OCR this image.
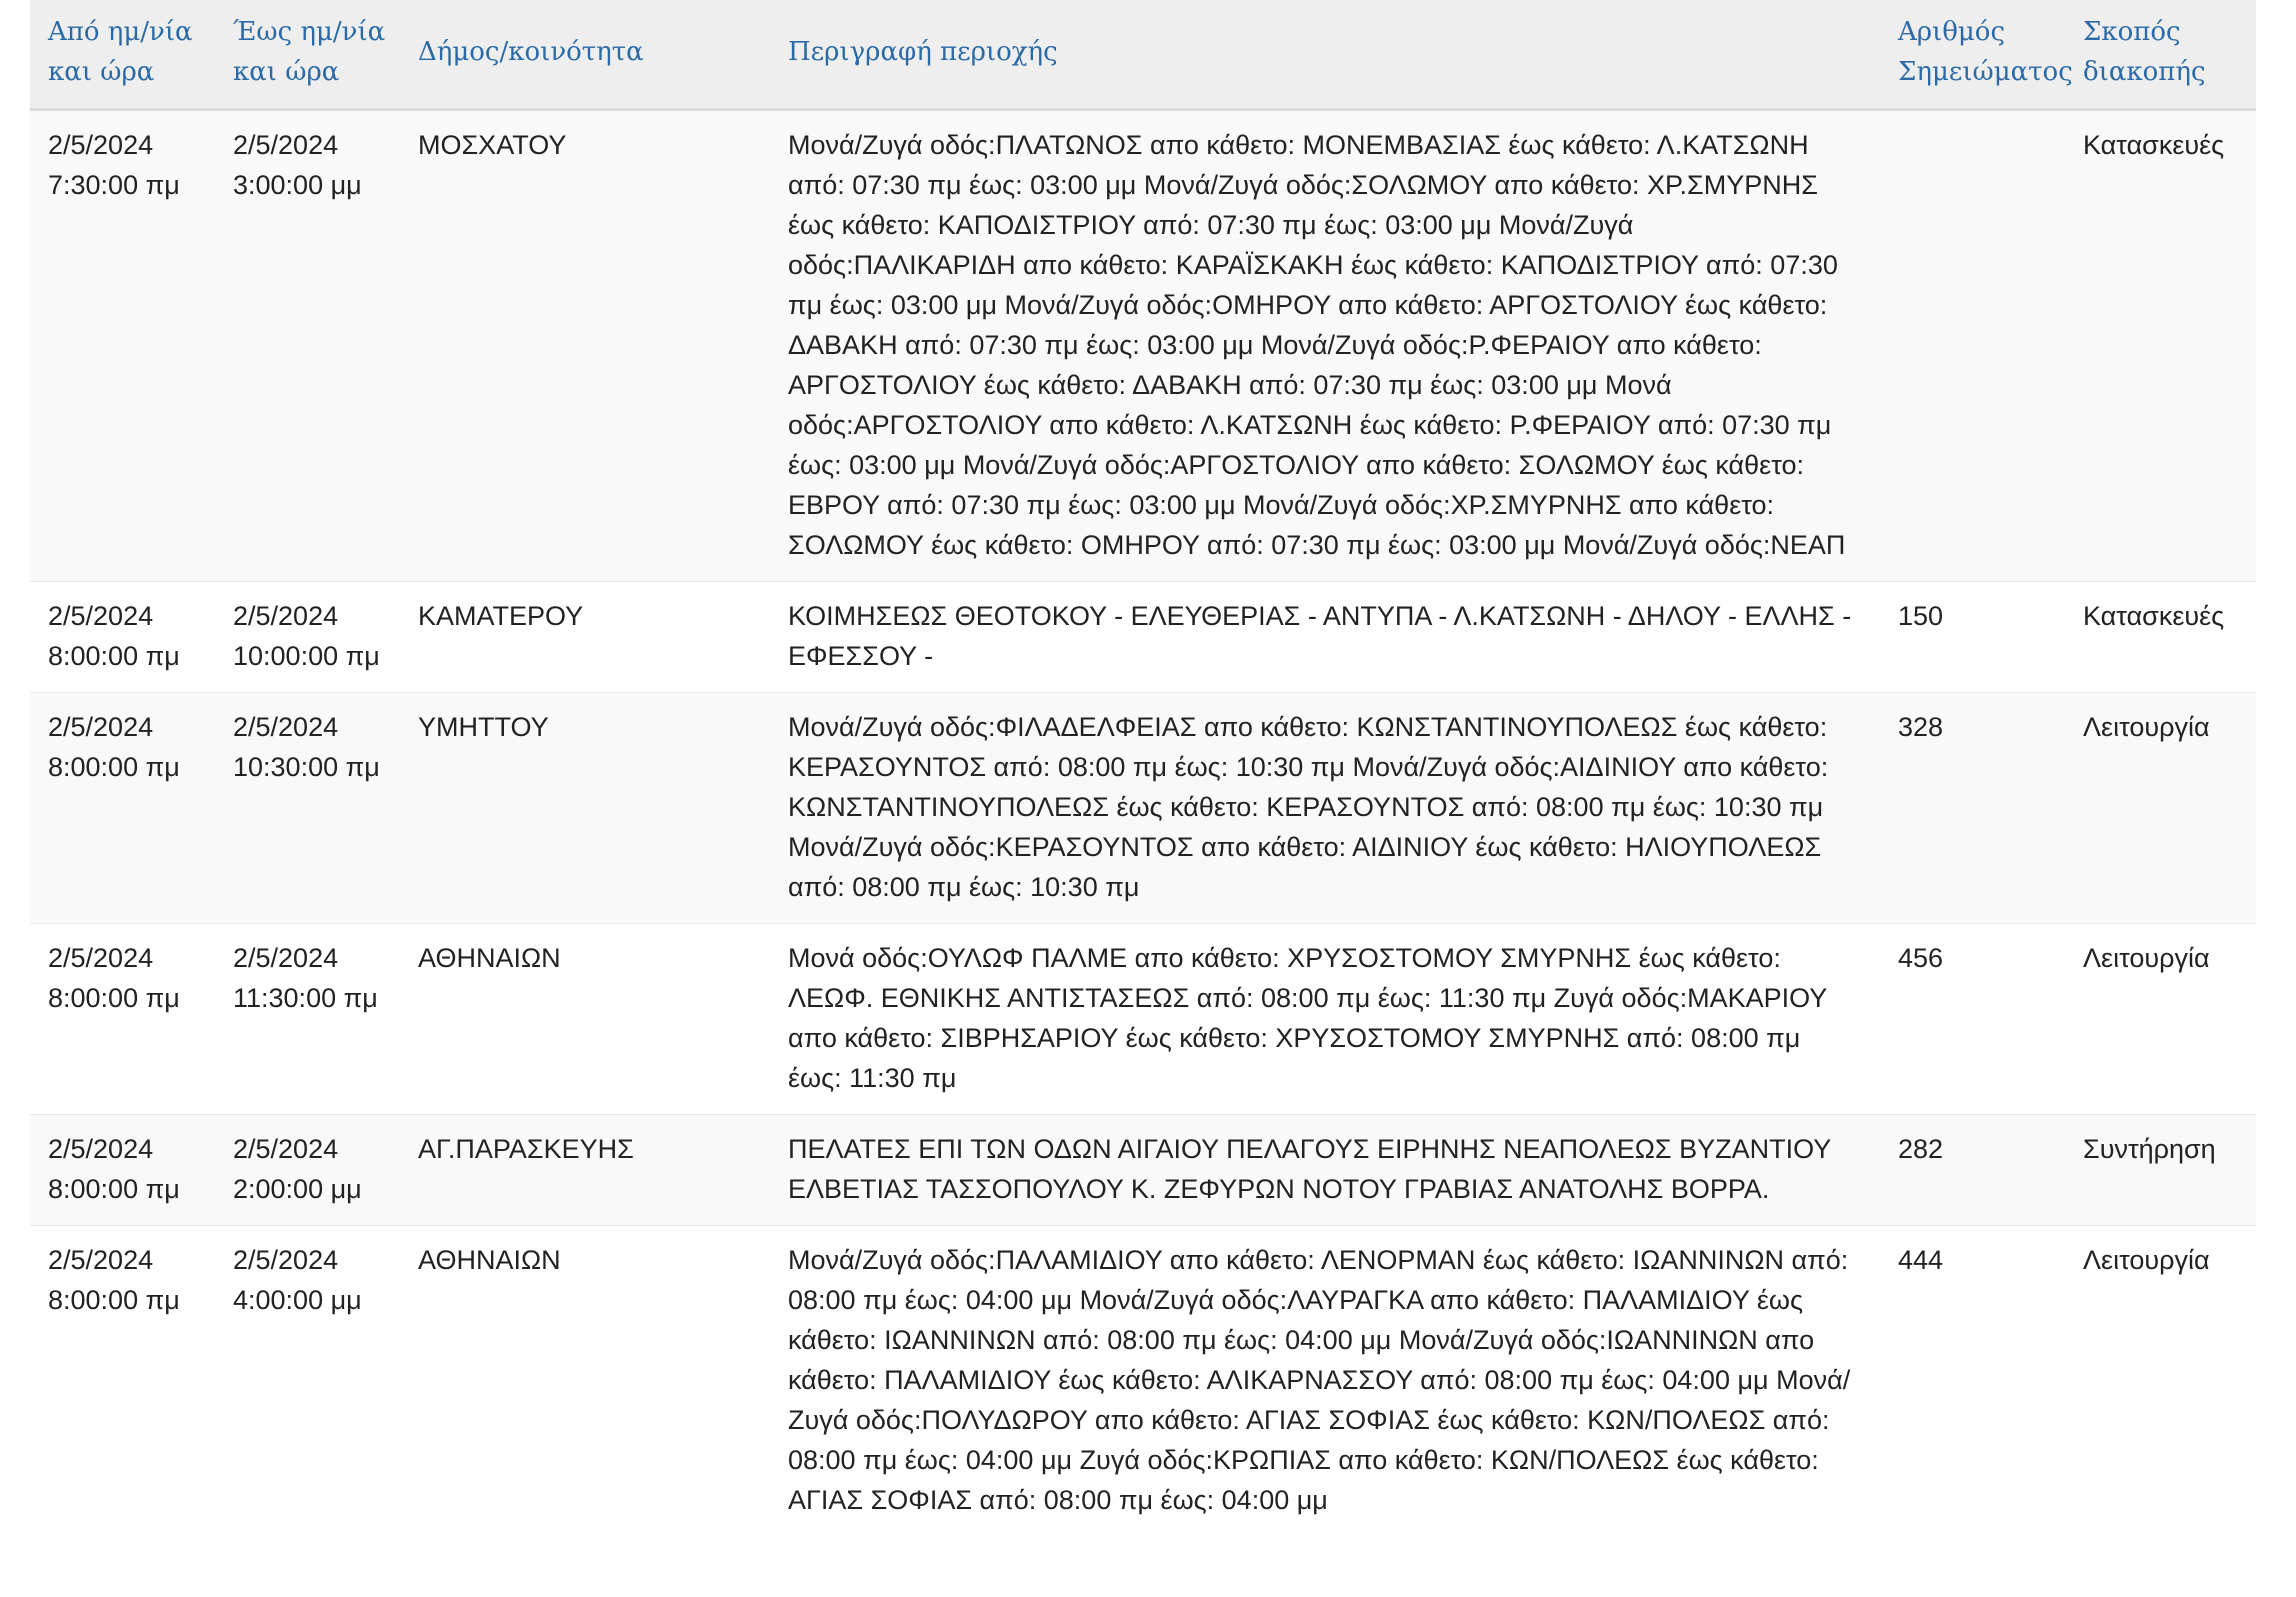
Από ημ/νία και ώρα	Έως ημ/νία και ώρα	Δήμος/κοινότητα	Περιγραφή περιοχής	Αριθμός Σημειώματος	Σκοπός διακοπής

2/5/2024
7:30:00 πμ	2/5/2024
3:00:00 μμ	ΜΟΣΧΑΤΟΥ	Μονά/Ζυγά οδός:ΠΛΑΤΩΝΟΣ απο κάθετο: ΜΟΝΕΜΒΑΣΙΑΣ έως κάθετο: Λ.ΚΑΤΣΩΝΗ από: 07:30 πμ έως: 03:00 μμ Μονά/Ζυγά οδός:ΣΟΛΩΜΟΥ απο κάθετο: ΧΡ.ΣΜΥΡΝΗΣ έως κάθετο: ΚΑΠΟΔΙΣΤΡΙΟΥ από: 07:30 πμ έως: 03:00 μμ Μονά/Ζυγά οδός:ΠΑΛΙΚΑΡΙΔΗ απο κάθετο: ΚΑΡΑΪΣΚΑΚΗ έως κάθετο: ΚΑΠΟΔΙΣΤΡΙΟΥ από: 07:30 πμ έως: 03:00 μμ Μονά/Ζυγά οδός:ΟΜΗΡΟΥ απο κάθετο: ΑΡΓΟΣΤΟΛΙΟΥ έως κάθετο: ΔΑΒΑΚΗ από: 07:30 πμ έως: 03:00 μμ Μονά/Ζυγά οδός:Ρ.ΦΕΡΑΙΟΥ απο κάθετο: ΑΡΓΟΣΤΟΛΙΟΥ έως κάθετο: ΔΑΒΑΚΗ από: 07:30 πμ έως: 03:00 μμ Μονά οδός:ΑΡΓΟΣΤΟΛΙΟΥ απο κάθετο: Λ.ΚΑΤΣΩΝΗ έως κάθετο: Ρ.ΦΕΡΑΙΟΥ από: 07:30 πμ έως: 03:00 μμ Μονά/Ζυγά οδός:ΑΡΓΟΣΤΟΛΙΟΥ απο κάθετο: ΣΟΛΩΜΟΥ έως κάθετο: ΕΒΡΟΥ από: 07:30 πμ έως: 03:00 μμ Μονά/Ζυγά οδός:ΧΡ.ΣΜΥΡΝΗΣ απο κάθετο: ΣΟΛΩΜΟΥ έως κάθετο: ΟΜΗΡΟΥ από: 07:30 πμ έως: 03:00 μμ Μονά/Ζυγά οδός:ΝΕΑΠ		Κατασκευές

2/5/2024
8:00:00 πμ	2/5/2024
10:00:00 πμ	ΚΑΜΑΤΕΡΟΥ	ΚΟΙΜΗΣΕΩΣ ΘΕΟΤΟΚΟΥ - ΕΛΕΥΘΕΡΙΑΣ - ΑΝΤΥΠΑ - Λ.ΚΑΤΣΩΝΗ - ΔΗΛΟΥ - ΕΛΛΗΣ - ΕΦΕΣΣΟΥ -	150	Κατασκευές

2/5/2024
8:00:00 πμ	2/5/2024
10:30:00 πμ	ΥΜΗΤΤΟΥ	Μονά/Ζυγά οδός:ΦΙΛΑΔΕΛΦΕΙΑΣ απο κάθετο: ΚΩΝΣΤΑΝΤΙΝΟΥΠΟΛΕΩΣ έως κάθετο: ΚΕΡΑΣΟΥΝΤΟΣ από: 08:00 πμ έως: 10:30 πμ Μονά/Ζυγά οδός:ΑΙΔΙΝΙΟΥ απο κάθετο: ΚΩΝΣΤΑΝΤΙΝΟΥΠΟΛΕΩΣ έως κάθετο: ΚΕΡΑΣΟΥΝΤΟΣ από: 08:00 πμ έως: 10:30 πμ Μονά/Ζυγά οδός:ΚΕΡΑΣΟΥΝΤΟΣ απο κάθετο: ΑΙΔΙΝΙΟΥ έως κάθετο: ΗΛΙΟΥΠΟΛΕΩΣ από: 08:00 πμ έως: 10:30 πμ	328	Λειτουργία

2/5/2024
8:00:00 πμ	2/5/2024
11:30:00 πμ	ΑΘΗΝΑΙΩΝ	Μονά οδός:ΟΥΛΩΦ ΠΑΛΜΕ απο κάθετο: ΧΡΥΣΟΣΤΟΜΟΥ ΣΜΥΡΝΗΣ έως κάθετο: ΛΕΩΦ. ΕΘΝΙΚΗΣ ΑΝΤΙΣΤΑΣΕΩΣ από: 08:00 πμ έως: 11:30 πμ Ζυγά οδός:ΜΑΚΑΡΙΟΥ απο κάθετο: ΣΙΒΡΗΣΑΡΙΟΥ έως κάθετο: ΧΡΥΣΟΣΤΟΜΟΥ ΣΜΥΡΝΗΣ από: 08:00 πμ έως: 11:30 πμ	456	Λειτουργία

2/5/2024
8:00:00 πμ	2/5/2024
2:00:00 μμ	ΑΓ.ΠΑΡΑΣΚΕΥΗΣ	ΠΕΛΑΤΕΣ ΕΠΙ ΤΩΝ ΟΔΩΝ ΑΙΓΑΙΟΥ ΠΕΛΑΓΟΥΣ ΕΙΡΗΝΗΣ ΝΕΑΠΟΛΕΩΣ ΒΥΖΑΝΤΙΟΥ ΕΛΒΕΤΙΑΣ ΤΑΣΣΟΠΟΥΛΟΥ Κ. ΖΕΦΥΡΩΝ ΝΟΤΟΥ ΓΡΑΒΙΑΣ ΑΝΑΤΟΛΗΣ ΒΟΡΡΑ.	282	Συντήρηση

2/5/2024
8:00:00 πμ	2/5/2024
4:00:00 μμ	ΑΘΗΝΑΙΩΝ	Μονά/Ζυγά οδός:ΠΑΛΑΜΙΔΙΟΥ απο κάθετο: ΛΕΝΟΡΜΑΝ έως κάθετο: ΙΩΑΝΝΙΝΩΝ από: 08:00 πμ έως: 04:00 μμ Μονά/Ζυγά οδός:ΛΑΥΡΑΓΚΑ απο κάθετο: ΠΑΛΑΜΙΔΙΟΥ έως κάθετο: ΙΩΑΝΝΙΝΩΝ από: 08:00 πμ έως: 04:00 μμ Μονά/Ζυγά οδός:ΙΩΑΝΝΙΝΩΝ απο κάθετο: ΠΑΛΑΜΙΔΙΟΥ έως κάθετο: ΑΛΙΚΑΡΝΑΣΣΟΥ από: 08:00 πμ έως: 04:00 μμ Μονά/Ζυγά οδός:ΠΟΛΥΔΩΡΟΥ απο κάθετο: ΑΓΙΑΣ ΣΟΦΙΑΣ έως κάθετο: ΚΩΝ/ΠΟΛΕΩΣ από: 08:00 πμ έως: 04:00 μμ Ζυγά οδός:ΚΡΩΠΙΑΣ απο κάθετο: ΚΩΝ/ΠΟΛΕΩΣ έως κάθετο: ΑΓΙΑΣ ΣΟΦΙΑΣ από: 08:00 πμ έως: 04:00 μμ	444	Λειτουργία
